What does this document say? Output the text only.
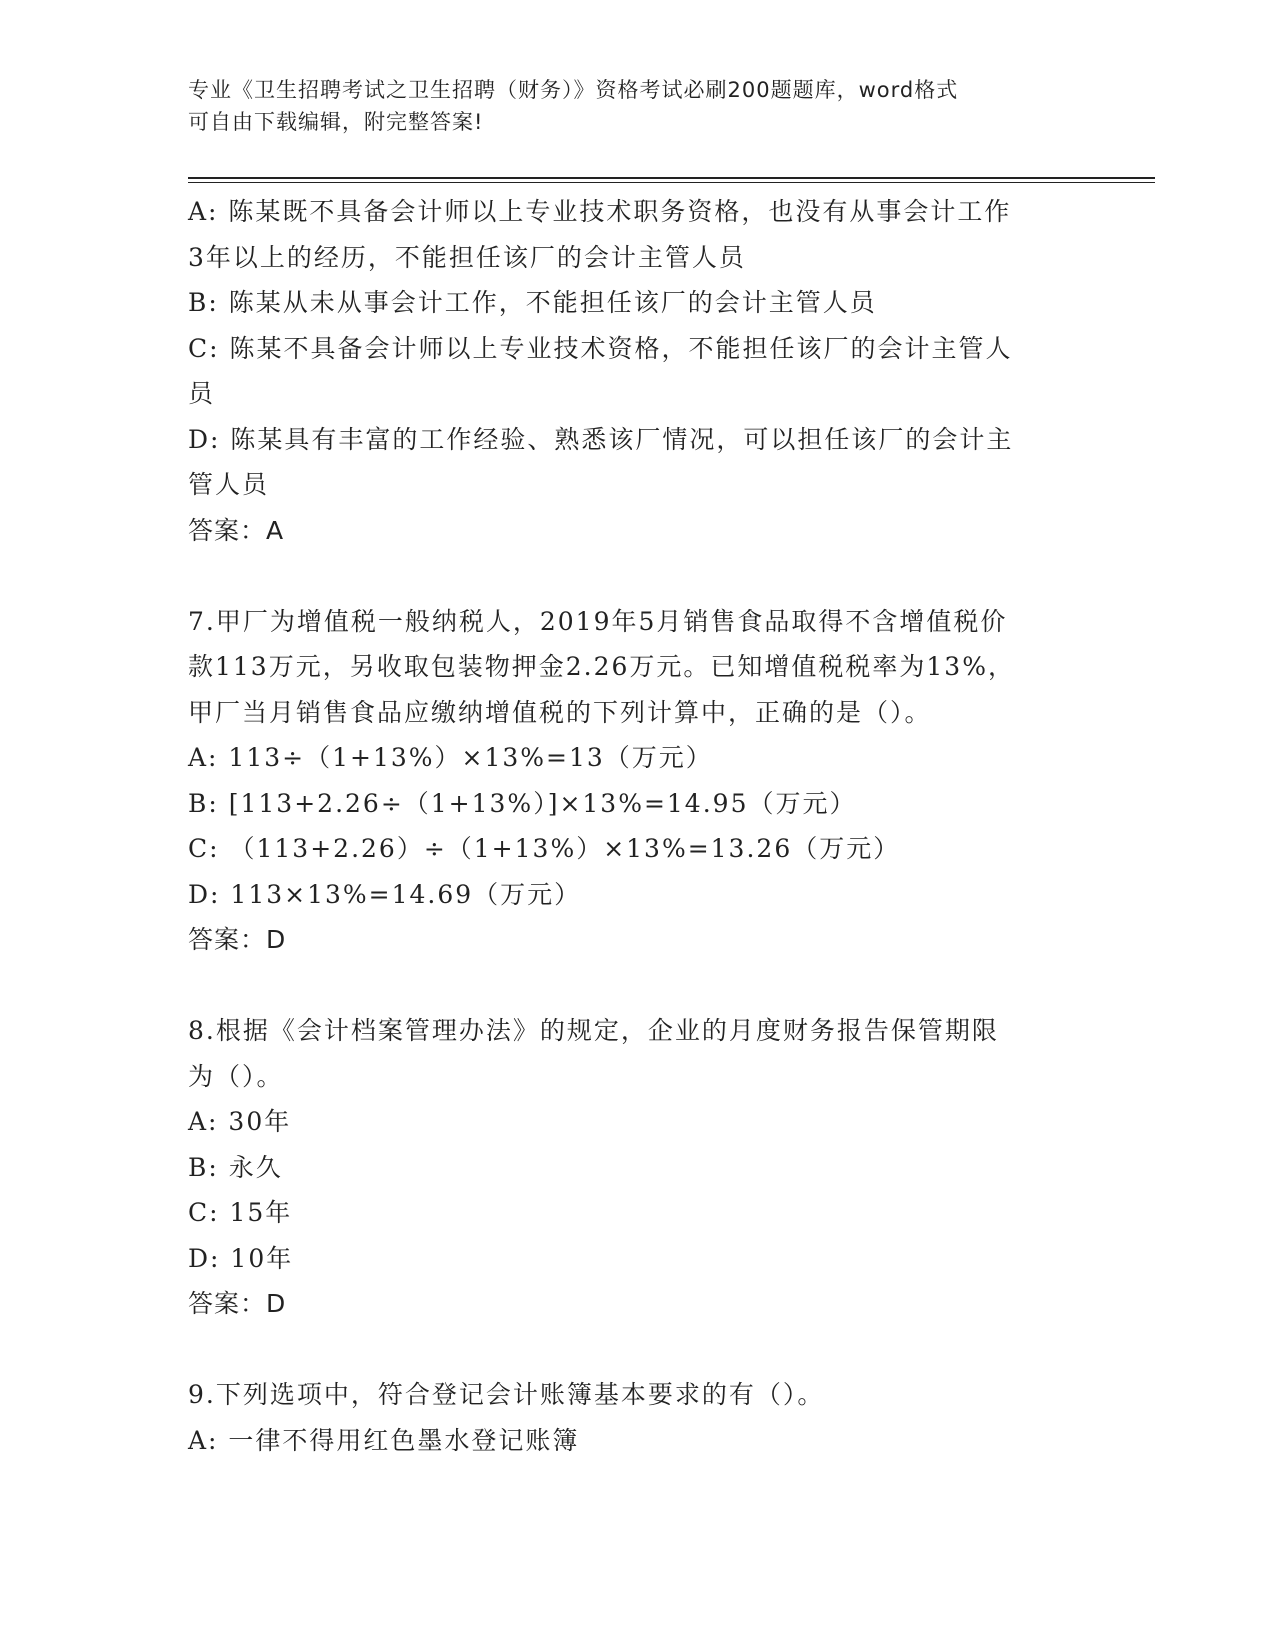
专业《卫生招聘考试之卫生招聘（财务）》资格考试必刷200题题库，word格式
可自由下载编辑，附完整答案!

A: 陈某既不具备会计师以上专业技术职务资格，也没有从事会计工作

3年以上的经历，不能担任该厂的会计主管人员

B: 陈某从未从事会计工作，不能担任该厂的会计主管人员

C: 陈某不具备会计师以上专业技术资格，不能担任该厂的会计主管人

员

D: 陈某具有丰富的工作经验、熟悉该厂情况，可以担任该厂的会计主

管人员

答案：A

7.甲厂为增值税一般纳税人，2019年5月销售食品取得不含增值税价

款113万元，另收取包装物押金2.26万元。已知增值税税率为13%，

甲厂当月销售食品应缴纳增值税的下列计算中，正确的是（）。

A: 113÷（1+13%）×13%=13（万元）

B: [113+2.26÷（1+13%）]×13%=14.95（万元）

C: （113+2.26）÷（1+13%）×13%=13.26（万元）

D: 113×13%=14.69（万元）

答案：D

8.根据《会计档案管理办法》的规定，企业的月度财务报告保管期限

为（）。

A: 30年

B: 永久

C: 15年

D: 10年

答案：D

9.下列选项中，符合登记会计账簿基本要求的有（）。

A: 一律不得用红色墨水登记账簿
